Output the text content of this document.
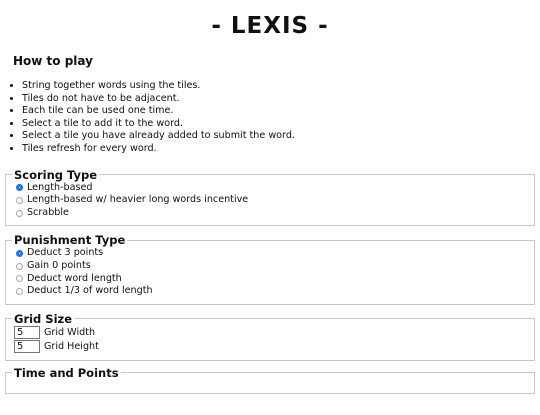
- LEXIS -
How to play
• String together words using the tiles.
• Tiles do not have to be adjacent.
• Each tile can be used one time.
• Select a tile to add it to the word.
• Select a tile you have already added to submit the word.
• Tiles refresh for every word.
Scoring Type
Length-based
Length-based w/ heavier long words incentive
Scrabble
Punishment Type
Deduct 3 points
Gain 0 points
Deduct word length
Deduct 1/3 of word length
Grid Size
5	Grid Width
5	Grid Height
Time and Points
